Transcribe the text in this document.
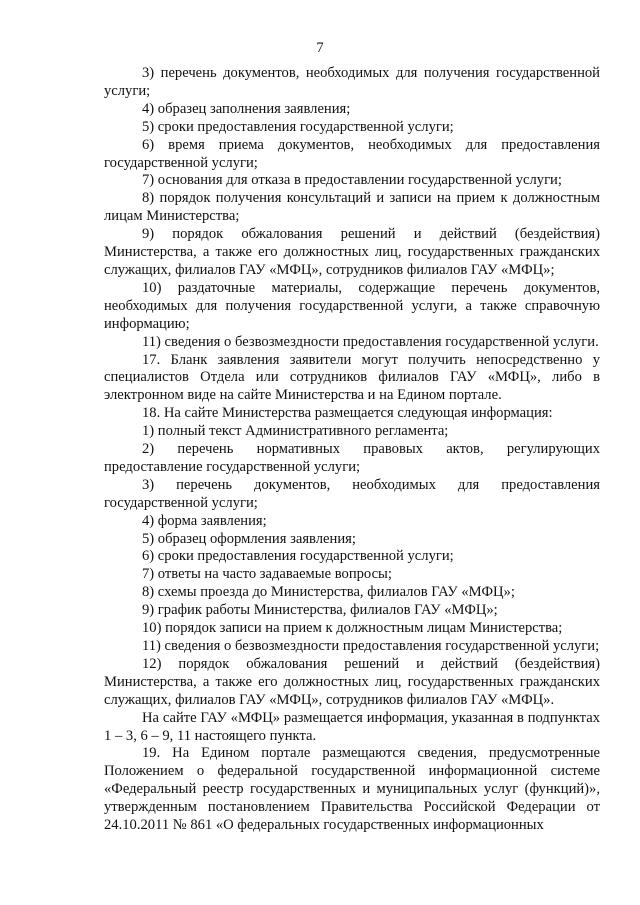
7

3) перечень документов, необходимых для получения государственной услуги;

4) образец заполнения заявления;

5) сроки предоставления государственной услуги;

6) время приема документов, необходимых для предоставления государственной услуги;

7) основания для отказа в предоставлении государственной услуги;

8) порядок получения консультаций и записи на прием к должностным лицам Министерства;

9) порядок обжалования решений и действий (бездействия) Министерства, а также его должностных лиц, государственных гражданских служащих, филиалов ГАУ «МФЦ», сотрудников филиалов ГАУ «МФЦ»;

10) раздаточные материалы, содержащие перечень документов, необходимых для получения государственной услуги, а также справочную информацию;

11) сведения о безвозмездности предоставления государственной услуги.

17. Бланк заявления заявители могут получить непосредственно у специалистов Отдела или сотрудников филиалов ГАУ «МФЦ», либо в электронном виде на сайте Министерства и на Едином портале.

18. На сайте Министерства размещается следующая информация:

1) полный текст Административного регламента;

2) перечень нормативных правовых актов, регулирующих предоставление государственной услуги;

3) перечень документов, необходимых для предоставления государственной услуги;

4) форма заявления;

5) образец оформления заявления;

6) сроки предоставления государственной услуги;

7) ответы на часто задаваемые вопросы;

8) схемы проезда до Министерства, филиалов ГАУ «МФЦ»;

9) график работы Министерства, филиалов ГАУ «МФЦ»;

10) порядок записи на прием к должностным лицам Министерства;

11) сведения о безвозмездности предоставления государственной услуги;

12) порядок обжалования решений и действий (бездействия) Министерства, а также его должностных лиц, государственных гражданских служащих, филиалов ГАУ «МФЦ», сотрудников филиалов ГАУ «МФЦ».

На сайте ГАУ «МФЦ» размещается информация, указанная в подпунктах 1 – 3, 6 – 9, 11 настоящего пункта.

19. На Едином портале размещаются сведения, предусмотренные Положением о федеральной государственной информационной системе «Федеральный реестр государственных и муниципальных услуг (функций)», утвержденным постановлением Правительства Российской Федерации от 24.10.2011 № 861 «О федеральных государственных информационных
